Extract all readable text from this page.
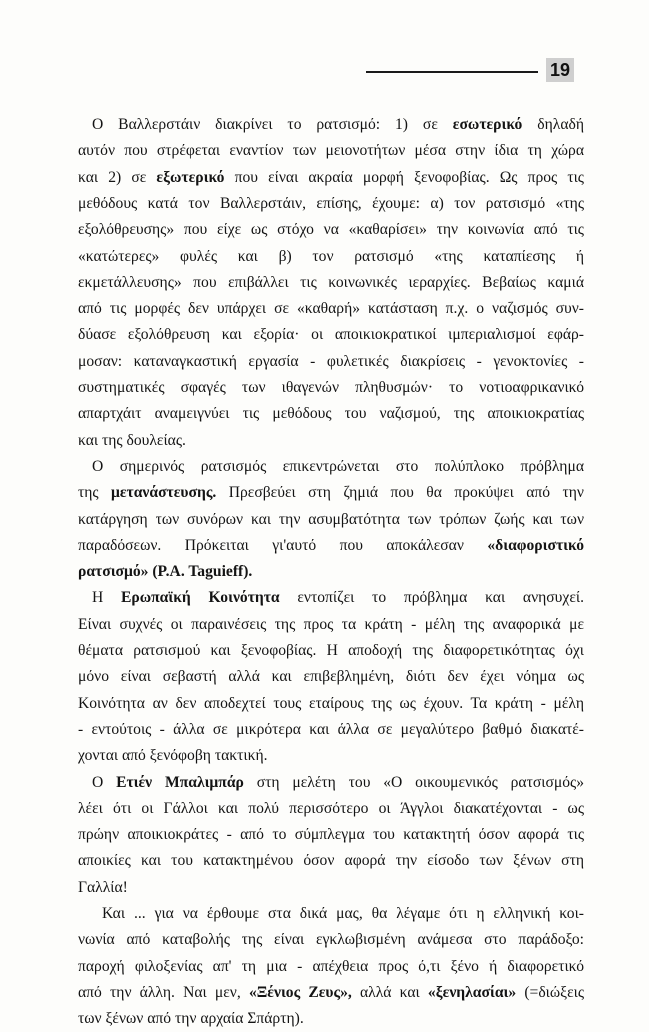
19
Ο Βαλλερστάιν διακρίνει το ρατσισμό: 1) σε εσωτερικό δηλαδή
αυτόν που στρέφεται εναντίον των μειονοτήτων μέσα στην ίδια τη χώρα
και 2) σε εξωτερικό που είναι ακραία μορφή ξενοφοβίας. Ως προς τις
μεθόδους κατά τον Βαλλερστάιν, επίσης, έχουμε: α) τον ρατσισμό «της
εξολόθρευσης» που είχε ως στόχο να «καθαρίσει» την κοινωνία από τις
«κατώτερες» φυλές και β) τον ρατσισμό «της καταπίεσης ή
εκμετάλλευσης» που επιβάλλει τις κοινωνικές ιεραρχίες. Βεβαίως καμιά
από τις μορφές δεν υπάρχει σε «καθαρή» κατάσταση π.χ. ο ναζισμός συν-
δύασε εξολόθρευση και εξορία· οι αποικιοκρατικοί ιμπεριαλισμοί εφάρ-
μοσαν: καταναγκαστική εργασία - φυλετικές διακρίσεις - γενοκτονίες -
συστηματικές σφαγές των ιθαγενών πληθυσμών· το νοτιοαφρικανικό
απαρτχάιτ αναμειγνύει τις μεθόδους του ναζισμού, της αποικιοκρατίας
και της δουλείας.
Ο σημερινός ρατσισμός επικεντρώνεται στο πολύπλοκο πρόβλημα
της μετανάστευσης. Πρεσβεύει στη ζημιά που θα προκύψει από την
κατάργηση των συνόρων και την ασυμβατότητα των τρόπων ζωής και των
παραδόσεων. Πρόκειται γι'αυτό που αποκάλεσαν «διαφοριστικό
ρατσισμό» (P.A. Taguieff).
Η Ερωπαϊκή Κοινότητα εντοπίζει το πρόβλημα και ανησυχεί.
Είναι συχνές οι παραινέσεις της προς τα κράτη - μέλη της αναφορικά με
θέματα ρατσισμού και ξενοφοβίας. Η αποδοχή της διαφορετικότητας όχι
μόνο είναι σεβαστή αλλά και επιβεβλημένη, διότι δεν έχει νόημα ως
Κοινότητα αν δεν αποδεχτεί τους εταίρους της ως έχουν. Τα κράτη - μέλη
- εντούτοις - άλλα σε μικρότερα και άλλα σε μεγαλύτερο βαθμό διακατέ-
χονται από ξενόφοβη τακτική.
Ο Ετιέν Μπαλιμπάρ στη μελέτη του «Ο οικουμενικός ρατσισμός»
λέει ότι οι Γάλλοι και πολύ περισσότερο οι Άγγλοι διακατέχονται - ως
πρώην αποικιοκράτες - από το σύμπλεγμα του κατακτητή όσον αφορά τις
αποικίες και του κατακτημένου όσον αφορά την είσοδο των ξένων στη
Γαλλία!
Και ... για να έρθουμε στα δικά μας, θα λέγαμε ότι η ελληνική κοι-
νωνία από καταβολής της είναι εγκλωβισμένη ανάμεσα στο παράδοξο:
παροχή φιλοξενίας απ' τη μια - απέχθεια προς ό,τι ξένο ή διαφορετικό
από την άλλη. Ναι μεν, «Ξένιος Ζευς», αλλά και «ξενηλασίαι» (=διώξεις
των ξένων από την αρχαία Σπάρτη).
